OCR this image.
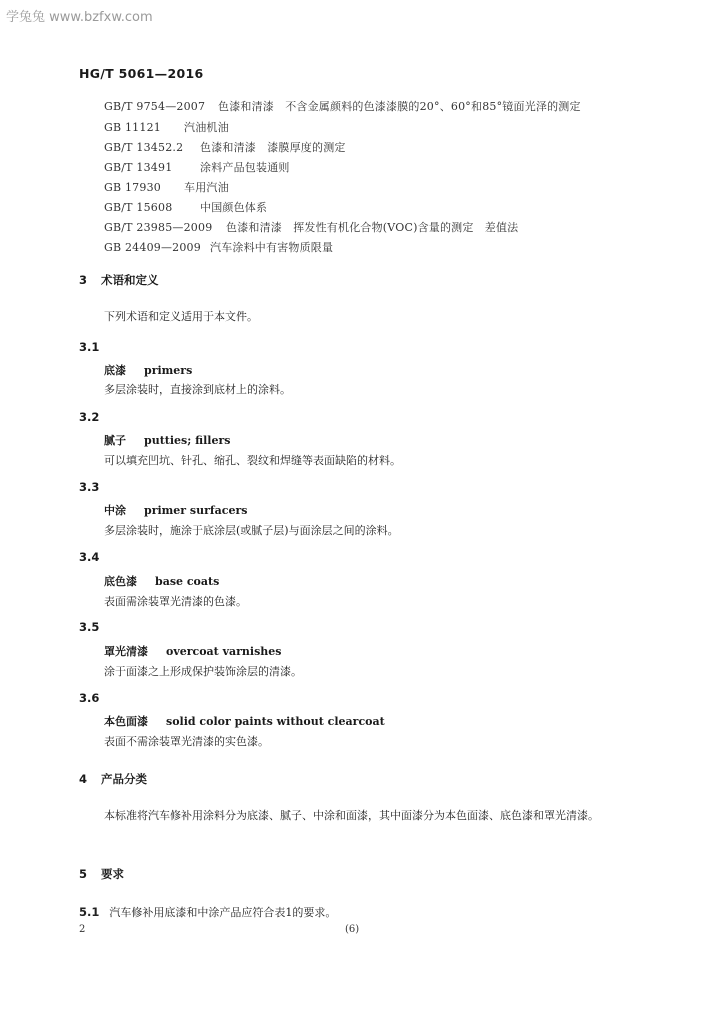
学兔兔 www.bzfxw.com
HG/T 5061—2016
GB/T 9754—2007 色漆和清漆　不含金属颜料的色漆漆膜的20°、60°和85°镜面光泽的测定
GB 11121 汽油机油
GB/T 13452.2 色漆和清漆　漆膜厚度的测定
GB/T 13491	涂料产品包装通则
GB 17930 车用汽油
GB/T 15608	中国颜色体系
GB/T 23985—2009 色漆和清漆　挥发性有机化合物(VOC)含量的测定　差值法
GB 24409—2009 汽车涂料中有害物质限量
3 术语和定义
下列术语和定义适用于本文件。
3.1
底漆 primers
多层涂装时，直接涂到底材上的涂料。
3.2
腻子 putties; fillers
可以填充凹坑、针孔、缩孔、裂纹和焊缝等表面缺陷的材料。
3.3
中涂 primer surfacers
多层涂装时，施涂于底涂层(或腻子层)与面涂层之间的涂料。
3.4
底色漆 base coats
表面需涂装罩光清漆的色漆。
3.5
罩光清漆 overcoat varnishes
涂于面漆之上形成保护装饰涂层的清漆。
3.6
本色面漆 solid color paints without clearcoat
表面不需涂装罩光清漆的实色漆。
4 产品分类
本标准将汽车修补用涂料分为底漆、腻子、中涂和面漆，其中面漆分为本色面漆、底色漆和罩光清漆。
5 要求
5.1 汽车修补用底漆和中涂产品应符合表1的要求。
2	(6)
